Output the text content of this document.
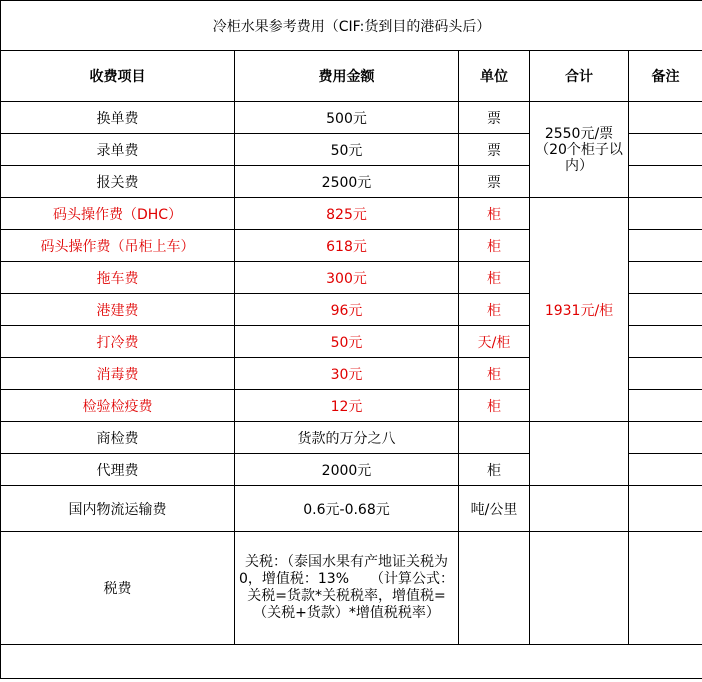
冷柜水果参考费用（CIF:货到目的港码头后）				
收费项目	费用金额	单位	合计	备注
换单费	500元	票	2550元/票（20个柜子以内）	
录单费	50元	票		
报关费	2500元	票		
码头操作费（DHC）	825元	柜	1931元/柜	
码头操作费（吊柜上车）	618元	柜		
拖车费	300元	柜		
港建费	96元	柜		
打冷费	50元	天/柜		
消毒费	30元	柜		
检验检疫费	12元	柜		
商检费	货款的万分之八			
代理费	2000元	柜		
国内物流运输费	0.6元-0.68元	吨/公里		
税费	关税：（泰国水果有产地证关税为0，增值税：13%　　（计算公式：关税=货款*关税税率，增值税=（关税+货款）*增值税税率）			
